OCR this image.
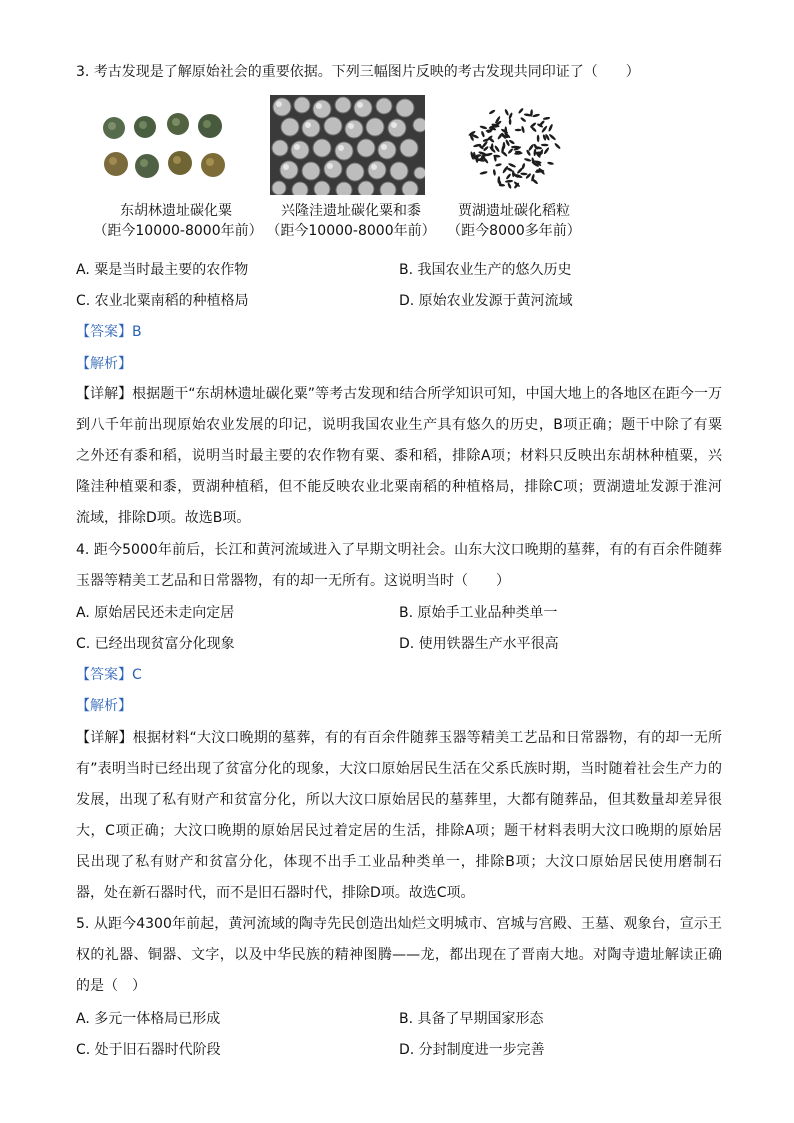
3. 考古发现是了解原始社会的重要依据。下列三幅图片反映的考古发现共同印证了（　　）
东胡林遗址碳化粟
（距今10000-8000年前）
兴隆洼遗址碳化粟和黍
（距今10000-8000年前）
贾湖遗址碳化稻粒
（距今8000多年前）
A. 粟是当时最主要的农作物	B. 我国农业生产的悠久历史
C. 农业北粟南稻的种植格局	D. 原始农业发源于黄河流域
【答案】B
【解析】
【详解】根据题干“东胡林遗址碳化粟”等考古发现和结合所学知识可知，中国大地上的各地区在距今一万
到八千年前出现原始农业发展的印记，说明我国农业生产具有悠久的历史，B项正确；题干中除了有粟
之外还有黍和稻，说明当时最主要的农作物有粟、黍和稻，排除A项；材料只反映出东胡林种植粟，兴
隆洼种植粟和黍，贾湖种植稻，但不能反映农业北粟南稻的种植格局，排除C项；贾湖遗址发源于淮河
流域，排除D项。故选B项。
4. 距今5000年前后，长江和黄河流域进入了早期文明社会。山东大汶口晚期的墓葬，有的有百余件随葬
玉器等精美工艺品和日常器物，有的却一无所有。这说明当时（　　）
A. 原始居民还未走向定居	B. 原始手工业品种类单一
C. 已经出现贫富分化现象	D. 使用铁器生产水平很高
【答案】C
【解析】
【详解】根据材料“大汶口晚期的墓葬，有的有百余件随葬玉器等精美工艺品和日常器物，有的却一无所
有”表明当时已经出现了贫富分化的现象，大汶口原始居民生活在父系氏族时期，当时随着社会生产力的
发展，出现了私有财产和贫富分化，所以大汶口原始居民的墓葬里，大都有随葬品，但其数量却差异很
大，C项正确；大汶口晚期的原始居民过着定居的生活，排除A项；题干材料表明大汶口晚期的原始居
民出现了私有财产和贫富分化，体现不出手工业品种类单一，排除B项；大汶口原始居民使用磨制石
器，处在新石器时代，而不是旧石器时代，排除D项。故选C项。
5. 从距今4300年前起，黄河流域的陶寺先民创造出灿烂文明城市、宫城与宫殿、王墓、观象台，宣示王
权的礼器、铜器、文字，以及中华民族的精神图腾——龙，都出现在了晋南大地。对陶寺遗址解读正确
的是（　）
A. 多元一体格局已形成	B. 具备了早期国家形态
C. 处于旧石器时代阶段	D. 分封制度进一步完善
